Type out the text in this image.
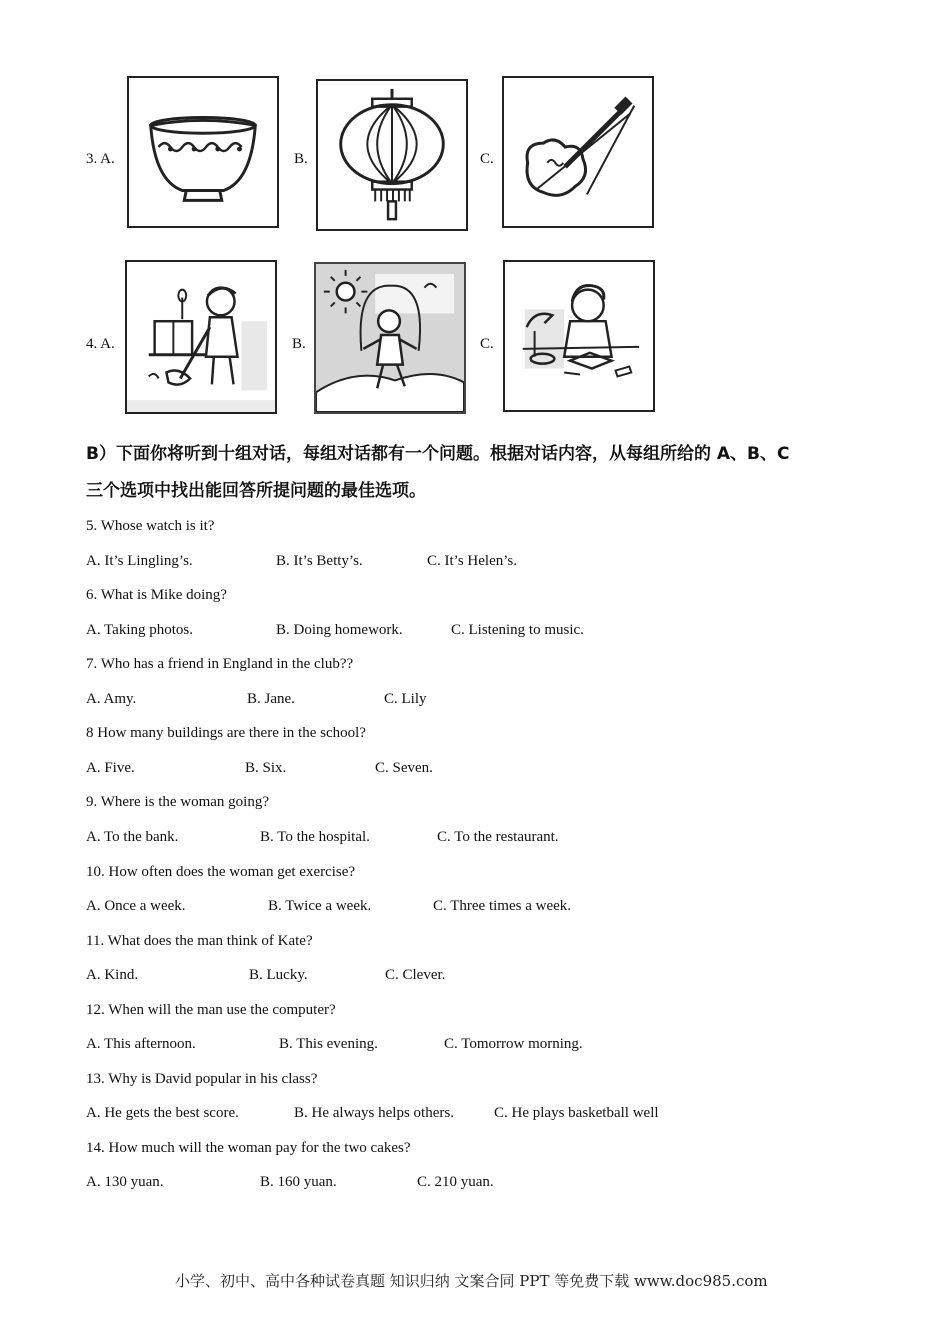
3. A.	B.	C.
4. A.	B.	C.
B）下面你将听到十组对话，每组对话都有一个问题。根据对话内容，从每组所给的 A、B、C
三个选项中找出能回答所提问题的最佳选项。
5. Whose watch is it?
A. It’s Lingling’s.	B. It’s Betty’s.	C. It’s Helen’s.
6. What is Mike doing?
A. Taking photos.	B. Doing homework.	C. Listening to music.
7. Who has a friend in England in the club??
A. Amy.	B. Jane.	C. Lily
8 How many buildings are there in the school?
A. Five.	B. Six.	C. Seven.
9. Where is the woman going?
A. To the bank.	B. To the hospital.	C. To the restaurant.
10. How often does the woman get exercise?
A. Once a week.	B. Twice a week.	C. Three times a week.
11. What does the man think of Kate?
A. Kind.	B. Lucky.	C. Clever.
12. When will the man use the computer?
A. This afternoon.	B. This evening.	C. Tomorrow morning.
13. Why is David popular in his class?
A. He gets the best score.	B. He always helps others.	C. He plays basketball well
14. How much will the woman pay for the two cakes?
A. 130 yuan.	B. 160 yuan.	C. 210 yuan.
小学、初中、高中各种试卷真题 知识归纳 文案合同 PPT 等免费下载 www.doc985.com
